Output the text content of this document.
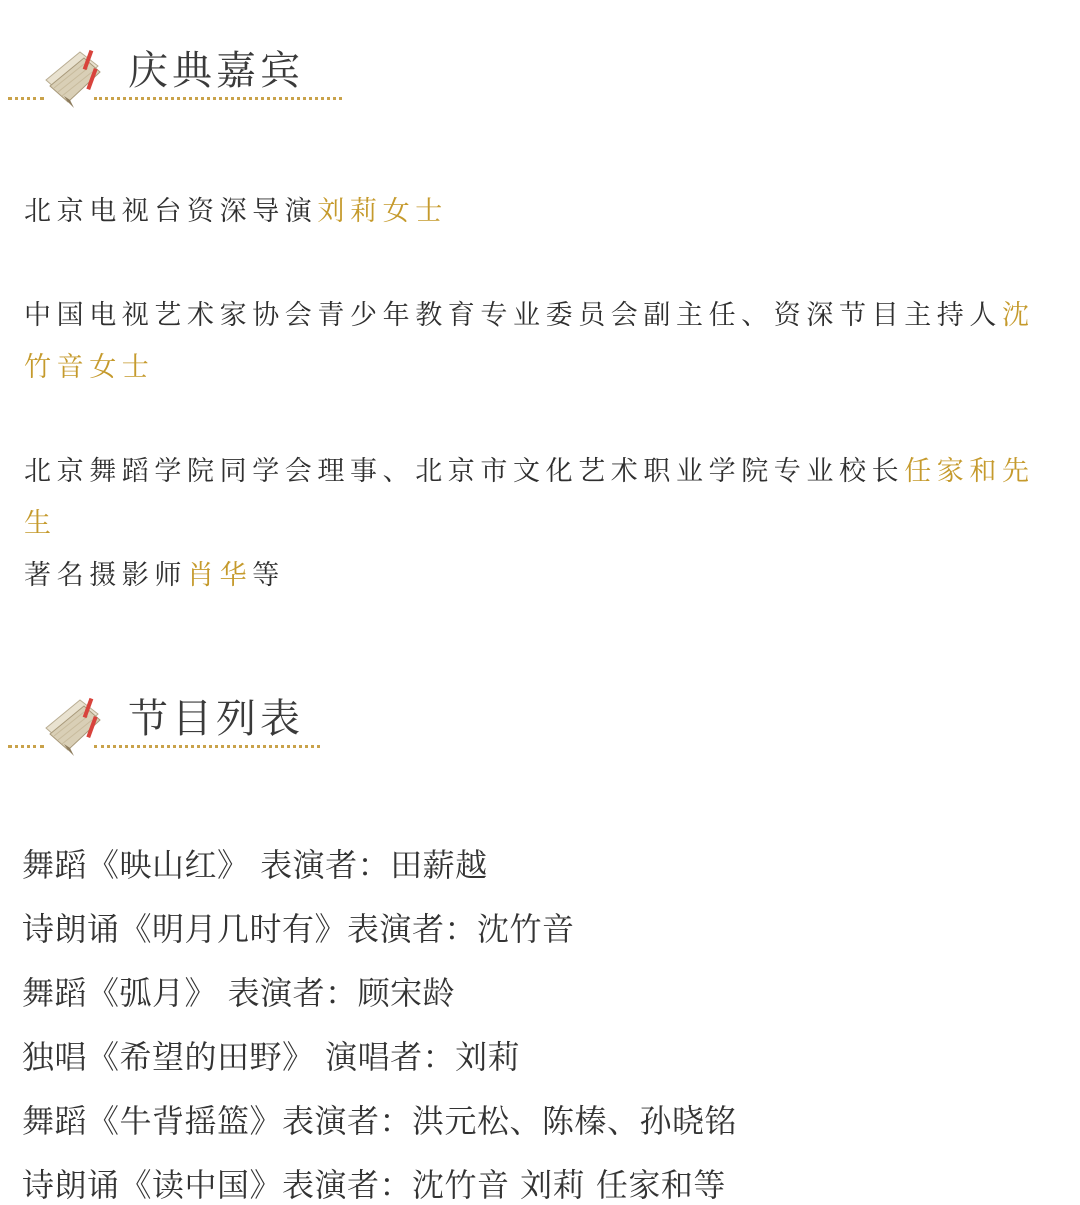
庆典嘉宾
北京电视台资深导演刘莉女士
中国电视艺术家协会青少年教育专业委员会副主任、资深节目主持人沈竹音女士
北京舞蹈学院同学会理事、北京市文化艺术职业学院专业校长任家和先生
著名摄影师肖华等
节目列表
舞蹈《映山红》 表演者：田薪越
诗朗诵《明月几时有》表演者：沈竹音
舞蹈《弧月》 表演者：顾宋龄
独唱《希望的田野》 演唱者：刘莉
舞蹈《牛背摇篮》表演者：洪元松、陈榛、孙晓铭
诗朗诵《读中国》表演者：沈竹音 刘莉 任家和等
